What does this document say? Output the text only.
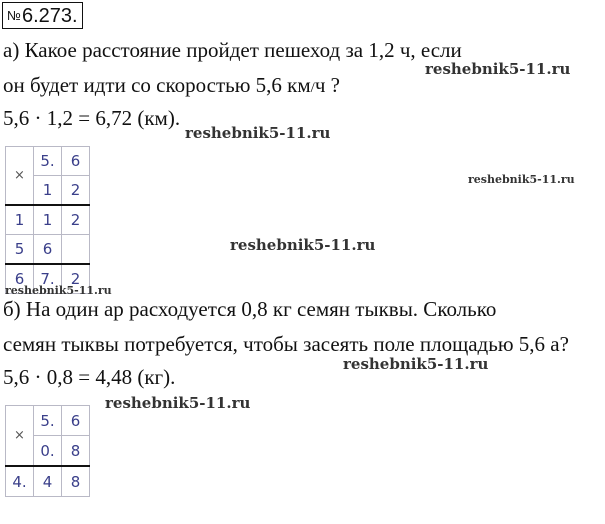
№6.273.
а) Какое расстояние пройдет пешеход за 1,2 ч, если
он будет идти со скоростью 5,6 км/ч ?
5,6 · 1,2 = 6,72 (км).
×	5.	6
	1	2
1	1	2
5	6	
6	7.	2
б) На один ар расходуется 0,8 кг семян тыквы. Сколько
семян тыквы потребуется, чтобы засеять поле площадью 5,6 а?
5,6 · 0,8 = 4,48 (кг).
×	5.	6
	0.	8
4.	4	8
reshebnik5-11.ru
reshebnik5-11.ru
reshebnik5-11.ru
reshebnik5-11.ru
reshebnik5-11.ru
reshebnik5-11.ru
reshebnik5-11.ru
